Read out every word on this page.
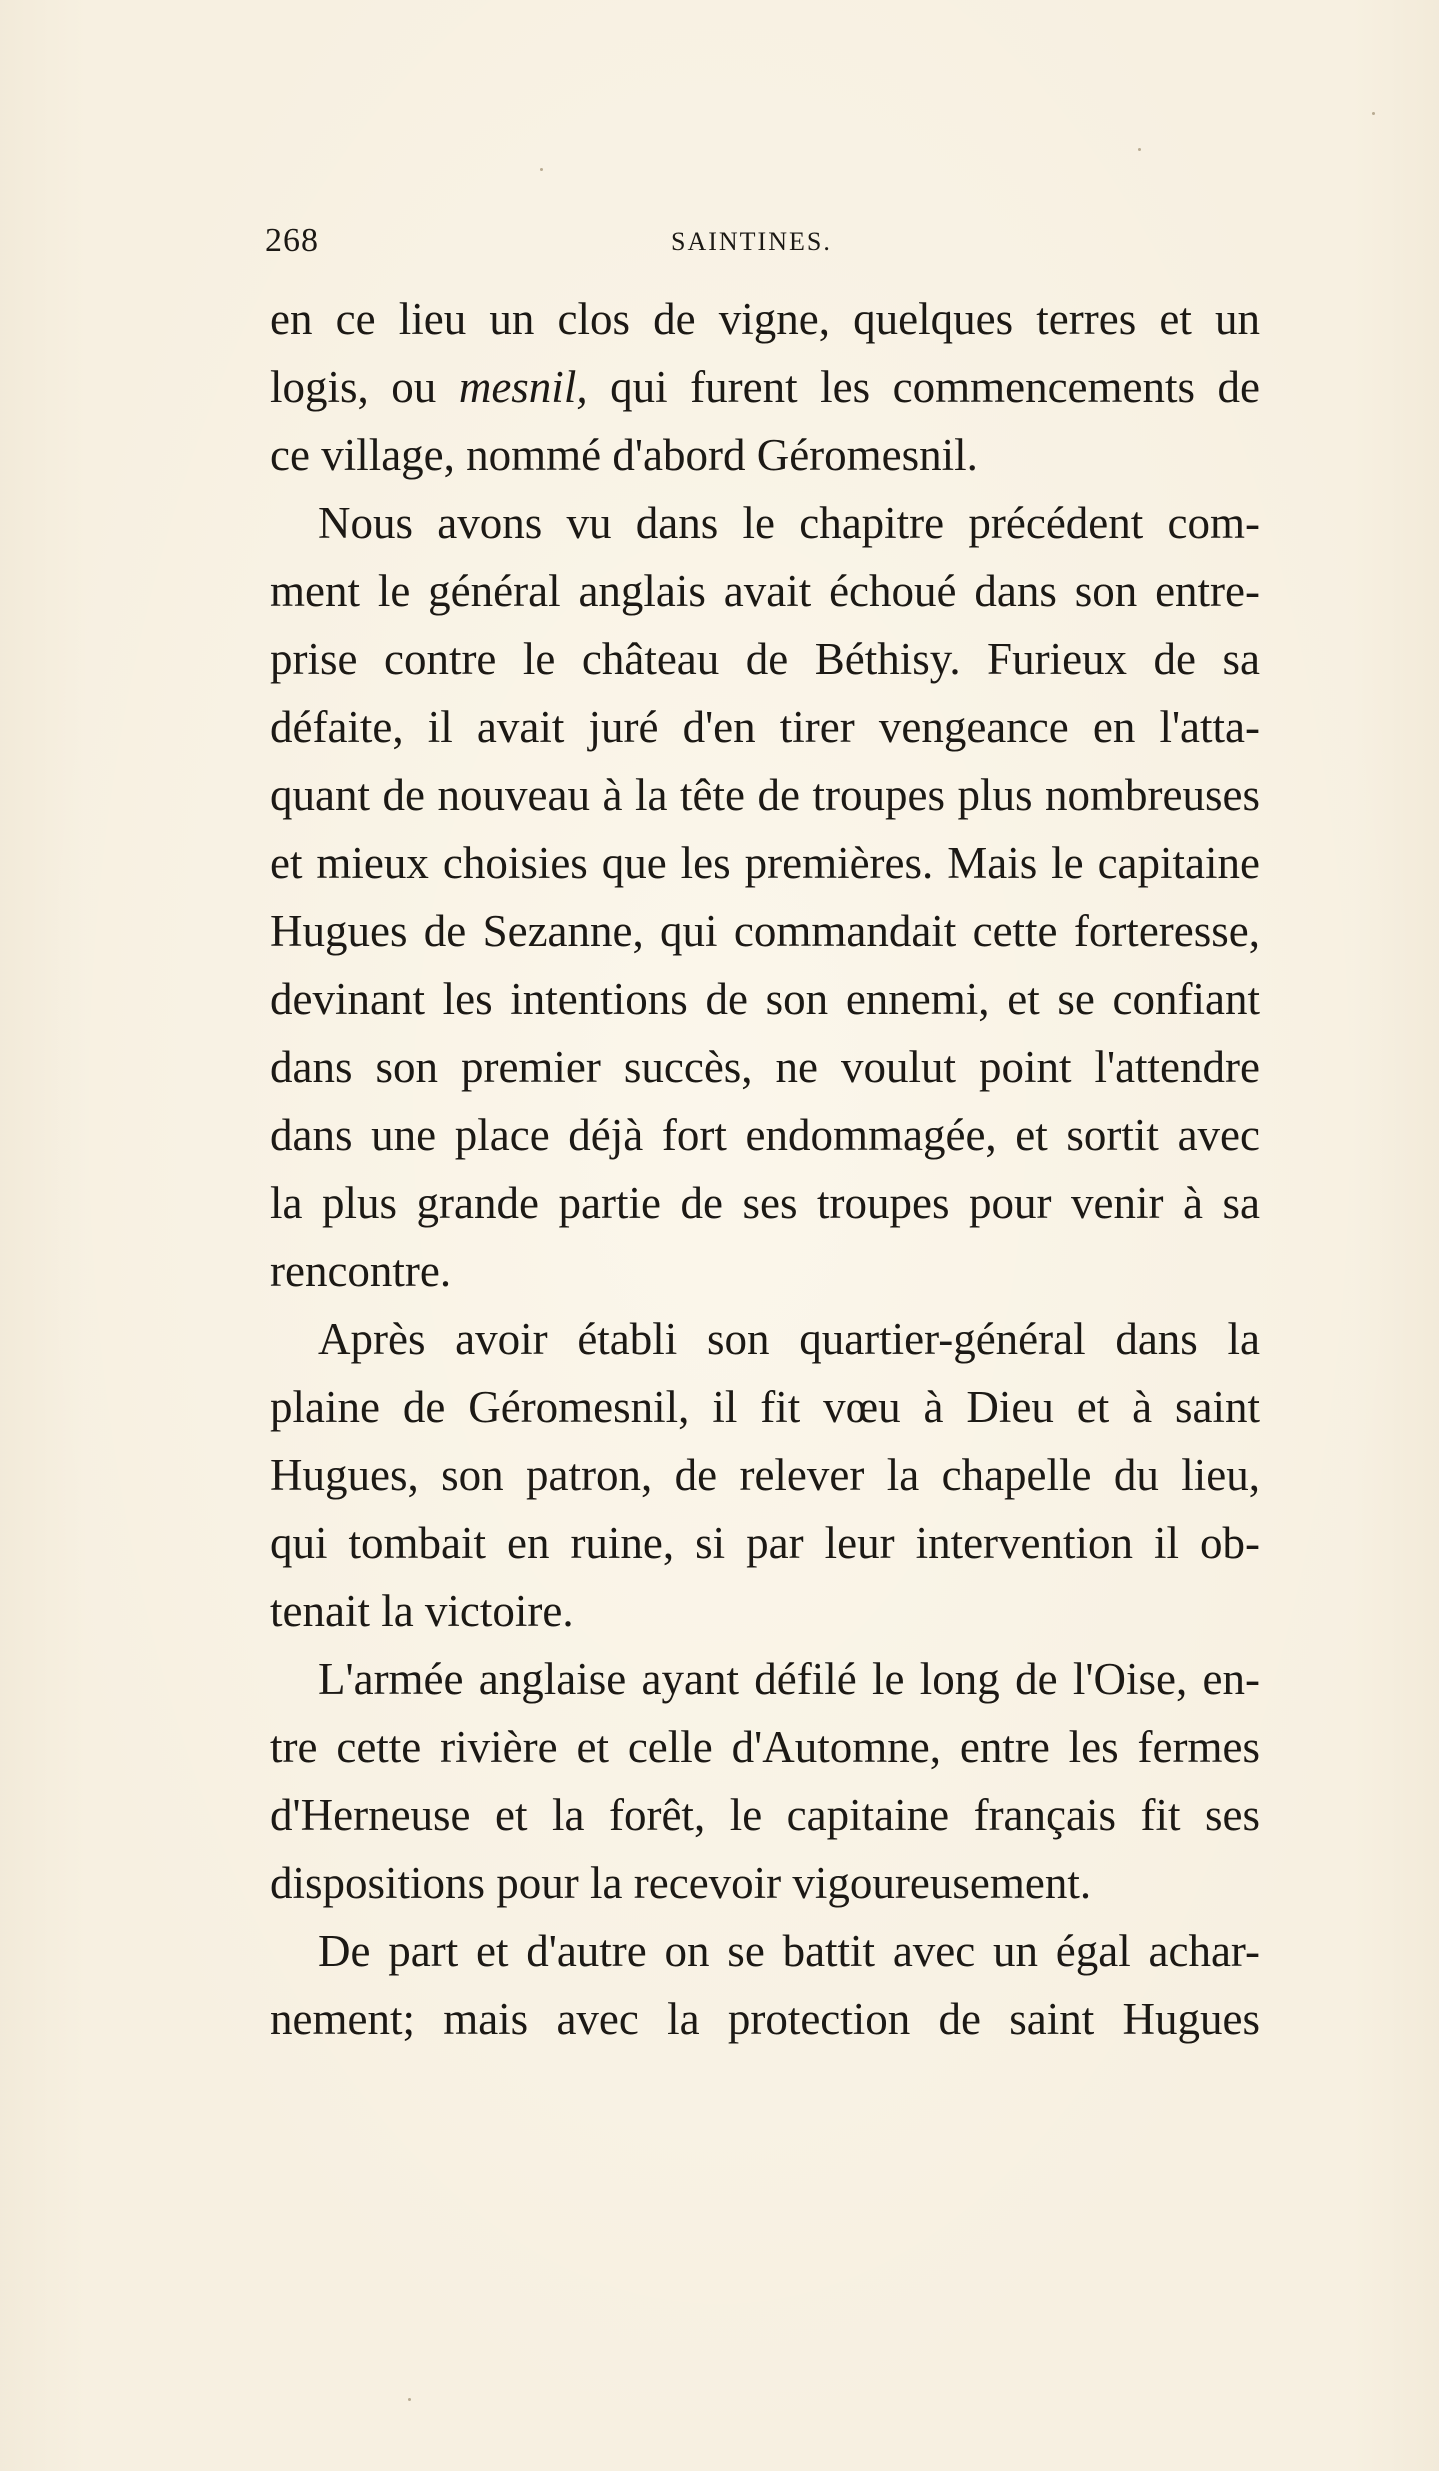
268	SAINTINES.
en ce lieu un clos de vigne, quelques terres et un
logis, ou mesnil, qui furent les commencements de
ce village, nommé d'abord Géromesnil.
Nous avons vu dans le chapitre précédent com-
ment le général anglais avait échoué dans son entre-
prise contre le château de Béthisy. Furieux de sa
défaite, il avait juré d'en tirer vengeance en l'atta-
quant de nouveau à la tête de troupes plus nombreuses
et mieux choisies que les premières. Mais le capitaine
Hugues de Sezanne, qui commandait cette forteresse,
devinant les intentions de son ennemi, et se confiant
dans son premier succès, ne voulut point l'attendre
dans une place déjà fort endommagée, et sortit avec
la plus grande partie de ses troupes pour venir à sa
rencontre.
Après avoir établi son quartier-général dans la
plaine de Géromesnil, il fit vœu à Dieu et à saint
Hugues, son patron, de relever la chapelle du lieu,
qui tombait en ruine, si par leur intervention il ob-
tenait la victoire.
L'armée anglaise ayant défilé le long de l'Oise, en-
tre cette rivière et celle d'Automne, entre les fermes
d'Herneuse et la forêt, le capitaine français fit ses
dispositions pour la recevoir vigoureusement.
De part et d'autre on se battit avec un égal achar-
nement; mais avec la protection de saint Hugues
